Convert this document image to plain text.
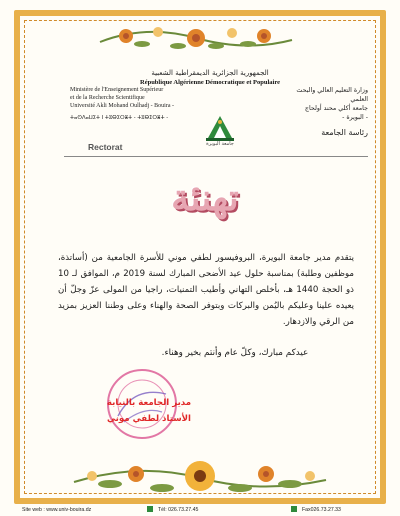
الجمهورية الجزائرية الديمقراطية الشعبية
République Algérienne Démocratique et Populaire
Ministère de l'Enseignement Supérieur
et de la Recherche Scientifique
Université Akli Mohand Oulhadj - Bouira -
ⵜⴰⵙⴷⴰⵡⵉⵜ ⵏ ⵜⵓⴱⵉⵔⴻⵜ - ⵜⵓⴱⵉⵔⴻⵜ -
وزارة التعليم العالي والبحث العلمي
جامعة أكلي محند أولحاج
- البويرة -
رئاسة الجامعة
جامعة البويرة
Rectorat
تهنئة
يتقدم مدير جامعة البويرة، البروفيسور لطفي موني للأسرة الجامعية من (أساتذة، موظفين وطلبة) بمناسبة حلول عيد الأضحى المبارك لسنة 2019 م، الموافق لـ 10 ذو الحجة 1440 هـ، بأخلص التهاني وأطيب التمنيات، راجيا من المولى عزّ وجلّ أن يعيده علينا وعليكم باليُمن والبركات وبتوفر الصحة والهناء وعلى وطننا العزيز بمزيد من الرقي والازدهار.
عيدكم مبارك، وكلّ عام وأنتم بخير وهناء.
مدير الجامعة بالنيابة
الأستاذ لطفي موني
Site web : www.univ-bouira.dz	Tél: 026.73.27.45	Fax026.73.27.33
